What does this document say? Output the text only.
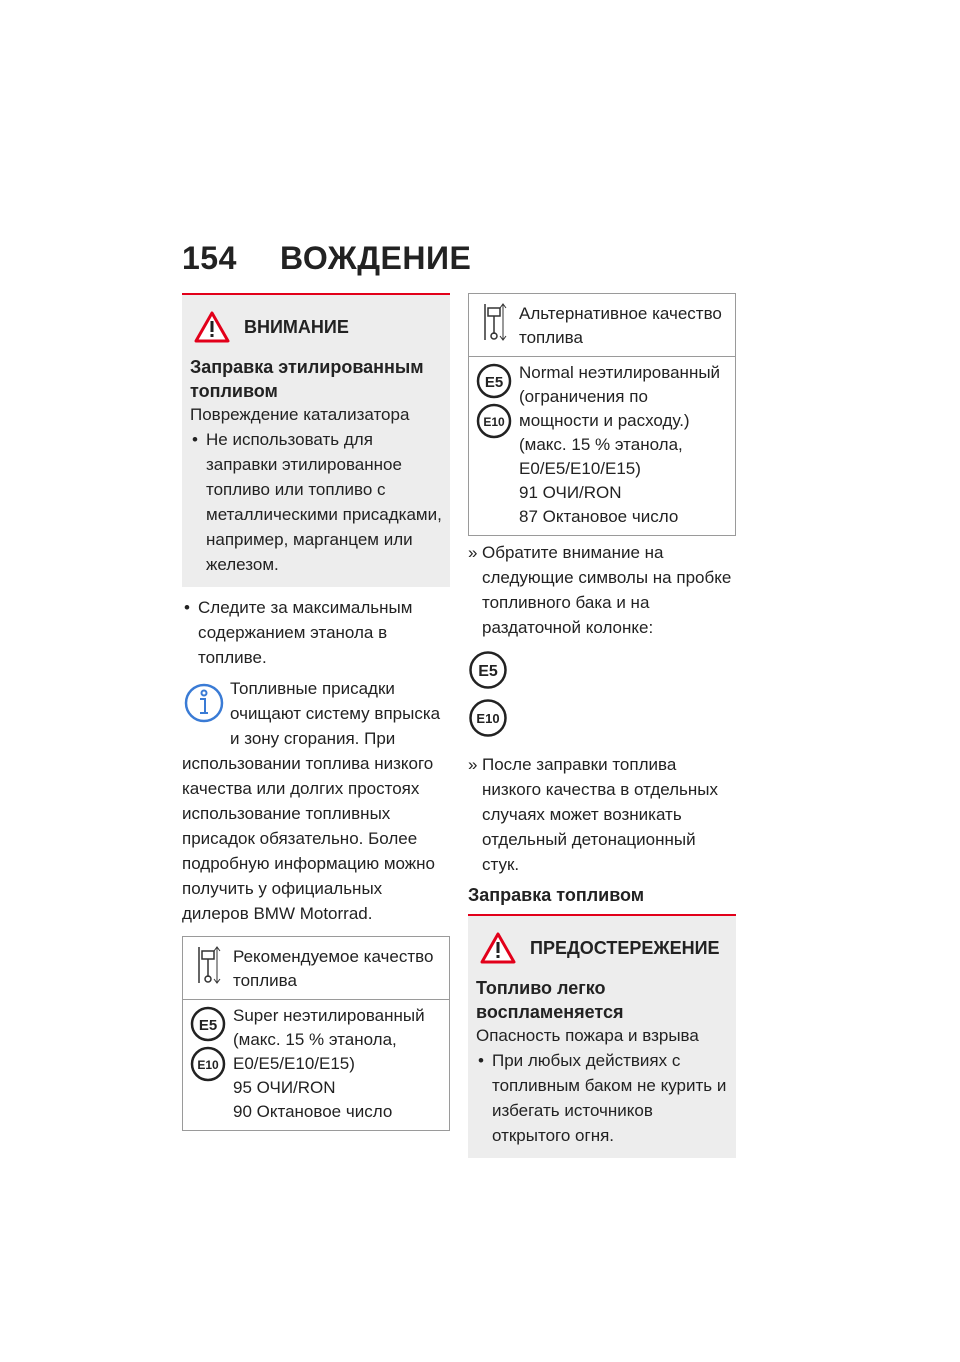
154 ВОЖДЕНИЕ
ВНИМАНИЕ
Заправка этилированным топливом
Повреждение катализатора
• Не использовать для заправки этилированное топливо или топливо с металлическими присадками, например, марганцем или железом.
• Следите за максимальным содержанием этанола в топливе.
Топливные присадки очищают систему впрыска и зону сгорания. При использовании топлива низкого качества или долгих простоях использование топливных присадок обязательно. Более подробную информацию можно получить у официальных дилеров BMW Motorrad.
Рекомендуемое качество топлива
E5
E10
Super неэтилированный
(макс. 15 % этанола,
E0/E5/E10/E15)
95 ОЧИ/RON
90 Октановое число
Альтернативное качество топлива
E5
E10
Normal неэтилированный (ограничения по мощности и расходу.)
(макс. 15 % этанола,
E0/E5/E10/E15)
91 ОЧИ/RON
87 Октановое число
» Обратите внимание на следующие символы на пробке топливного бака и на раздаточной колонке:
E5
E10
» После заправки топлива низкого качества в отдельных случаях может возникать отдельный детонационный стук.
Заправка топливом
ПРЕДОСТЕРЕЖЕНИЕ
Топливо легко воспламеняется
Опасность пожара и взрыва
• При любых действиях с топливным баком не курить и избегать источников открытого огня.
